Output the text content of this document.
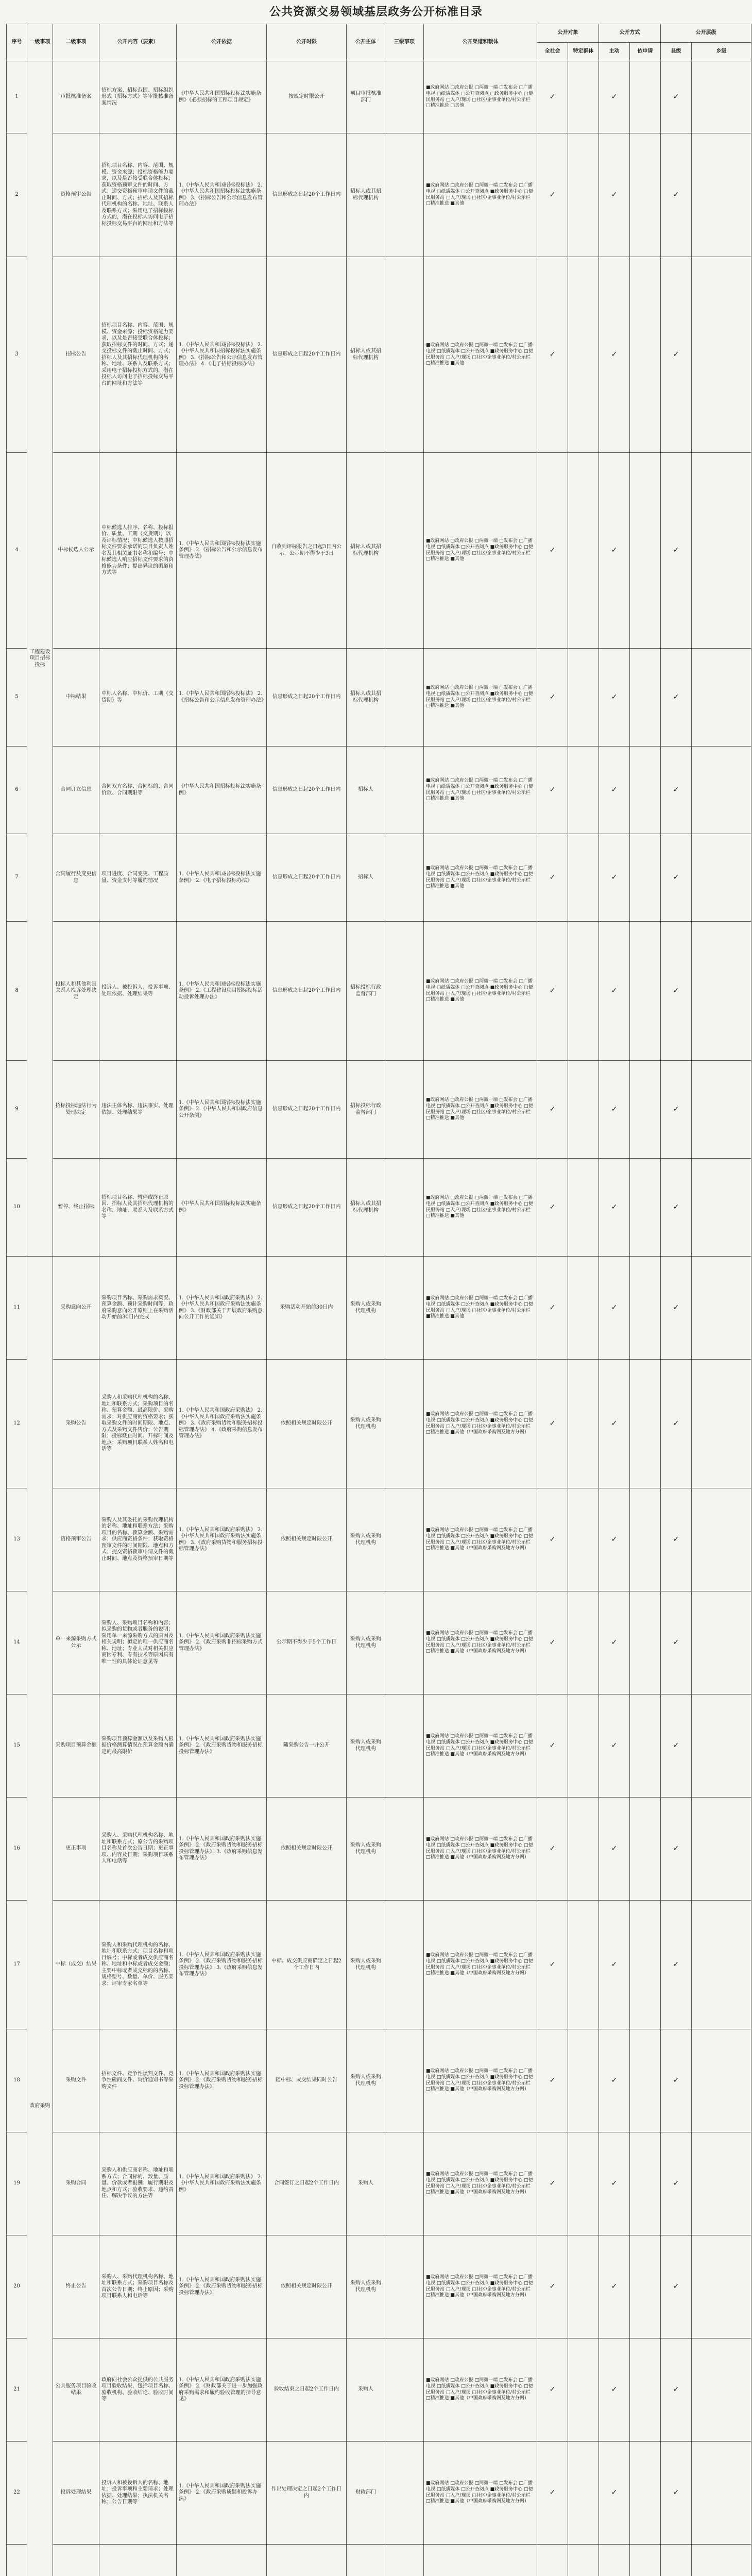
公共资源交易领域基层政务公开标准目录
序号	一级事项	二级事项	公开内容（要素）	公开依据	公开时限	公开主体	三级事项	公开渠道和载体	公开对象		公开方式		公开层级	
									全社会	特定群体	主动	依申请	县级	乡级
1	工程建设项目招标投标	审批核准备案	招标方案、招标范围、招标组织形式（招标方式）等审批核准备案情况	《中华人民共和国招标投标法实施条例》《必须招标的工程项目规定》	按规定时限公开	项目审批核准部门		■政府网站 □政府公报 □两微一端 □发布会 □广播电视 □纸质媒体 □公开查阅点 □政务服务中心 □便民服务站 □入户/现场 □社区/企事业单位/村公示栏 □精准推送 □其他	✓		✓		✓	
2		资格预审公告	招标项目名称、内容、范围、规模、资金来源；投标资格能力要求，以及是否接受联合体投标；获取资格预审文件的时间、方式；递交资格预审申请文件的截止时间、方式；招标人及其招标代理机构的名称、地址、联系人及联系方式；采用电子招标投标方式的，潜在投标人访问电子招标投标交易平台的网址和方法等	1.《中华人民共和国招标投标法》 2.《中华人民共和国招标投标法实施条例》 3.《招标公告和公示信息发布管理办法》	信息形成之日起20个工作日内	招标人或其招标代理机构		■政府网站 □政府公报 □两微一端 □发布会 □广播电视 □纸质媒体 □公开查阅点 ■政务服务中心 □便民服务站 □入户/现场 □社区/企事业单位/村公示栏 □精准推送 ■其他	✓		✓		✓	
3		招标公告	招标项目名称、内容、范围、规模、资金来源；投标资格能力要求，以及是否接受联合体投标；获取招标文件的时间、方式；递交投标文件的截止时间、方式；招标人及其招标代理机构的名称、地址、联系人及联系方式；采用电子招标投标方式的，潜在投标人访问电子招标投标交易平台的网址和方法等	1.《中华人民共和国招标投标法》 2.《中华人民共和国招标投标法实施条例》 3.《招标公告和公示信息发布管理办法》 4.《电子招标投标办法》	信息形成之日起20个工作日内	招标人或其招标代理机构		■政府网站 □政府公报 □两微一端 □发布会 □广播电视 □纸质媒体 □公开查阅点 ■政务服务中心 □便民服务站 □入户/现场 □社区/企事业单位/村公示栏 □精准推送 ■其他	✓		✓		✓	
4		中标候选人公示	中标候选人排序、名称、投标报价、质量、工期（交货期），以及评标情况；中标候选人按照招标文件要求承诺的项目负责人姓名及其相关证书名称和编号；中标候选人响应招标文件要求的资格能力条件；提出异议的渠道和方式等	1.《中华人民共和国招标投标法实施条例》 2.《招标公告和公示信息发布管理办法》	自收到评标报告之日起3日内公示，公示期不得少于3日	招标人或其招标代理机构		■政府网站 □政府公报 □两微一端 □发布会 □广播电视 □纸质媒体 □公开查阅点 ■政务服务中心 □便民服务站 □入户/现场 □社区/企事业单位/村公示栏 □精准推送 ■其他	✓		✓		✓	
5		中标结果	中标人名称、中标价、工期（交货期）等	1.《中华人民共和国招标投标法》 2.《招标公告和公示信息发布管理办法》	信息形成之日起20个工作日内	招标人或其招标代理机构		■政府网站 □政府公报 □两微一端 □发布会 □广播电视 □纸质媒体 □公开查阅点 ■政务服务中心 □便民服务站 □入户/现场 □社区/企事业单位/村公示栏 □精准推送 ■其他	✓		✓		✓	
6		合同订立信息	合同双方名称、合同标的、合同价款、合同期限等	《中华人民共和国招标投标法实施条例》	信息形成之日起20个工作日内	招标人		■政府网站 □政府公报 □两微一端 □发布会 □广播电视 □纸质媒体 □公开查阅点 ■政务服务中心 □便民服务站 □入户/现场 □社区/企事业单位/村公示栏 □精准推送 ■其他	✓		✓		✓	
7		合同履行及变更信息	项目进度、合同变更、工程质量、资金支付等履约情况	1.《中华人民共和国招标投标法实施条例》 2.《电子招标投标办法》	信息形成之日起20个工作日内	招标人		■政府网站 □政府公报 □两微一端 □发布会 □广播电视 □纸质媒体 □公开查阅点 ■政务服务中心 □便民服务站 □入户/现场 □社区/企事业单位/村公示栏 □精准推送 ■其他	✓		✓		✓	
8		投标人和其他利害关系人投诉处理决定	投诉人、被投诉人、投诉事项、处理依据、处理结果等	1.《中华人民共和国招标投标法实施条例》 2.《工程建设项目招标投标活动投诉处理办法》	信息形成之日起20个工作日内	招标投标行政监督部门		■政府网站 □政府公报 □两微一端 □发布会 □广播电视 □纸质媒体 □公开查阅点 ■政务服务中心 □便民服务站 □入户/现场 □社区/企事业单位/村公示栏 □精准推送 ■其他	✓		✓		✓	
9		招标投标违法行为处理决定	违法主体名称、违法事实、处理依据、处理结果等	1.《中华人民共和国招标投标法实施条例》 2.《中华人民共和国政府信息公开条例》	信息形成之日起20个工作日内	招标投标行政监督部门		■政府网站 □政府公报 □两微一端 □发布会 □广播电视 □纸质媒体 □公开查阅点 ■政务服务中心 □便民服务站 □入户/现场 □社区/企事业单位/村公示栏 □精准推送 ■其他	✓		✓		✓	
10		暂停、终止招标	招标项目名称、暂停或终止原因、招标人及其招标代理机构的名称、地址、联系人及联系方式等	《中华人民共和国招标投标法实施条例》	信息形成之日起20个工作日内	招标人或其招标代理机构		■政府网站 □政府公报 □两微一端 □发布会 □广播电视 □纸质媒体 □公开查阅点 ■政务服务中心 □便民服务站 □入户/现场 □社区/企事业单位/村公示栏 □精准推送 ■其他	✓		✓		✓	
11	政府采购	采购意向公开	采购项目名称、采购需求概况、预算金额、预计采购时间等，政府采购意向公开原则上在采购活动开始前30日内完成	1.《中华人民共和国政府采购法》 2.《中华人民共和国政府采购法实施条例》 3.《财政部关于开展政府采购意向公开工作的通知》	采购活动开始前30日内	采购人或采购代理机构		■政府网站 □政府公报 □两微一端 □发布会 □广播电视 □纸质媒体 □公开查阅点 ■政务服务中心 □便民服务站 □入户/现场 □社区/企事业单位/村公示栏 ■精准推送 ■其他	✓		✓		✓	
12		采购公告	采购人和采购代理机构的名称、地址和联系方式；采购项目的名称、预算金额、最高限价、采购需求；对供应商的资格要求；获取采购文件的时间期限、地点、方式及采购文件售价；公告期限；投标截止时间、开标时间及地点；采购项目联系人姓名和电话等	1.《中华人民共和国政府采购法》 2.《中华人民共和国政府采购法实施条例》 3.《政府采购货物和服务招标投标管理办法》 4.《政府采购信息发布管理办法》	依照相关规定时限公开	采购人或采购代理机构		■政府网站 □政府公报 □两微一端 □发布会 □广播电视 □纸质媒体 □公开查阅点 ■政务服务中心 □便民服务站 □入户/现场 □社区/企事业单位/村公示栏 □精准推送 ■其他（中国政府采购网及地方分网）	✓		✓		✓	
13		资格预审公告	采购人及其委托的采购代理机构的名称、地址和联系方法；采购项目的名称、预算金额、采购需求；供应商资格条件；获取资格预审文件的时间期限、地点和方式；提交资格预审申请文件的截止时间、地点及资格预审日期等	1.《中华人民共和国政府采购法》 2.《中华人民共和国政府采购法实施条例》 3.《政府采购货物和服务招标投标管理办法》	依照相关规定时限公开	采购人或采购代理机构		■政府网站 □政府公报 □两微一端 □发布会 □广播电视 □纸质媒体 □公开查阅点 ■政务服务中心 □便民服务站 □入户/现场 □社区/企事业单位/村公示栏 □精准推送 ■其他（中国政府采购网及地方分网）	✓		✓		✓	
14		单一来源采购方式公示	采购人、采购项目名称和内容；拟采购的货物或者服务的说明；采用单一来源采购方式的原因及相关说明；拟定的唯一供应商名称、地址；专业人员对相关供应商因专利、专有技术等原因具有唯一性的具体论证意见等	1.《中华人民共和国政府采购法实施条例》 2.《政府采购非招标采购方式管理办法》	公示期不得少于5个工作日	采购人或采购代理机构		■政府网站 □政府公报 □两微一端 □发布会 □广播电视 □纸质媒体 □公开查阅点 ■政务服务中心 □便民服务站 □入户/现场 □社区/企事业单位/村公示栏 □精准推送 ■其他（中国政府采购网及地方分网）	✓		✓		✓	
15		采购项目预算金额	采购项目预算金额以及采购人根据价格测算情况在预算金额内确定的最高限价	1.《中华人民共和国政府采购法实施条例》 2.《政府采购货物和服务招标投标管理办法》	随采购公告一并公开	采购人或采购代理机构		■政府网站 □政府公报 □两微一端 □发布会 □广播电视 □纸质媒体 □公开查阅点 ■政务服务中心 □便民服务站 □入户/现场 □社区/企事业单位/村公示栏 □精准推送 ■其他（中国政府采购网及地方分网）	✓		✓		✓	
16		更正事项	采购人、采购代理机构名称、地址和联系方式；原公告的采购项目名称及首次公告日期；更正事项、内容及日期；采购项目联系人和电话等	1.《中华人民共和国政府采购法实施条例》 2.《政府采购货物和服务招标投标管理办法》 3.《政府采购信息发布管理办法》	依照相关规定时限公开	采购人或采购代理机构		■政府网站 □政府公报 □两微一端 □发布会 □广播电视 □纸质媒体 □公开查阅点 ■政务服务中心 □便民服务站 □入户/现场 □社区/企事业单位/村公示栏 □精准推送 ■其他（中国政府采购网及地方分网）	✓		✓		✓	
17		中标（成交）结果	采购人和采购代理机构的名称、地址和联系方式；项目名称和项目编号；中标或者成交供应商名称、地址和中标或者成交金额；主要中标或者成交标的的名称、规格型号、数量、单价、服务要求；评审专家名单等	1.《中华人民共和国政府采购法实施条例》 2.《政府采购货物和服务招标投标管理办法》 3.《政府采购信息发布管理办法》	中标、成交供应商确定之日起2个工作日内	采购人或采购代理机构		■政府网站 □政府公报 □两微一端 □发布会 □广播电视 □纸质媒体 □公开查阅点 ■政务服务中心 □便民服务站 □入户/现场 □社区/企事业单位/村公示栏 □精准推送 ■其他（中国政府采购网及地方分网）	✓		✓		✓	
18		采购文件	招标文件、竞争性谈判文件、竞争性磋商文件、询价通知书等采购文件	1.《中华人民共和国政府采购法实施条例》 2.《政府采购货物和服务招标投标管理办法》	随中标、成交结果同时公告	采购人或采购代理机构		■政府网站 □政府公报 □两微一端 □发布会 □广播电视 □纸质媒体 □公开查阅点 ■政务服务中心 □便民服务站 □入户/现场 □社区/企事业单位/村公示栏 □精准推送 ■其他（中国政府采购网及地方分网）	✓		✓		✓	
19		采购合同	采购人和供应商名称、地址和联系方式；合同标的、数量、质量、价款或者报酬；履行期限及地点和方式；验收要求、违约责任、解决争议的方法等	1.《中华人民共和国政府采购法》 2.《中华人民共和国政府采购法实施条例》	合同签订之日起2个工作日内	采购人		■政府网站 □政府公报 □两微一端 □发布会 □广播电视 □纸质媒体 □公开查阅点 ■政务服务中心 □便民服务站 □入户/现场 □社区/企事业单位/村公示栏 □精准推送 ■其他（中国政府采购网及地方分网）	✓		✓		✓	
20		终止公告	采购人、采购代理机构名称、地址和联系方式；采购项目名称及首次公告日期；终止原因；采购项目联系人和电话等	1.《中华人民共和国政府采购法实施条例》 2.《政府采购货物和服务招标投标管理办法》	依照相关规定时限公开	采购人或采购代理机构		■政府网站 □政府公报 □两微一端 □发布会 □广播电视 □纸质媒体 □公开查阅点 ■政务服务中心 □便民服务站 □入户/现场 □社区/企事业单位/村公示栏 □精准推送 ■其他（中国政府采购网及地方分网）	✓		✓		✓	
21		公共服务项目验收结果	政府向社会公众提供的公共服务项目验收结果，包括项目名称、验收机构、验收结论、验收时间等	1.《中华人民共和国政府采购法实施条例》 2.《财政部关于进一步加强政府采购需求和履约验收管理的指导意见》	验收结束之日起2个工作日内	采购人		■政府网站 □政府公报 □两微一端 □发布会 □广播电视 □纸质媒体 □公开查阅点 ■政务服务中心 □便民服务站 □入户/现场 □社区/企事业单位/村公示栏 □精准推送 ■其他（中国政府采购网及地方分网）	✓		✓		✓	
22		投诉处理结果	投诉人和被投诉人的名称、地址；投诉事项和主要请求；处理依据、处理结果；执法机关名称；公告日期等	1.《中华人民共和国政府采购法实施条例》 2.《政府采购质疑和投诉办法》	作出处理决定之日起2个工作日内	财政部门		■政府网站 □政府公报 □两微一端 □发布会 □广播电视 □纸质媒体 □公开查阅点 ■政务服务中心 □便民服务站 □入户/现场 □社区/企事业单位/村公示栏 □精准推送 ■其他（中国政府采购网及地方分网）	✓		✓		✓	
